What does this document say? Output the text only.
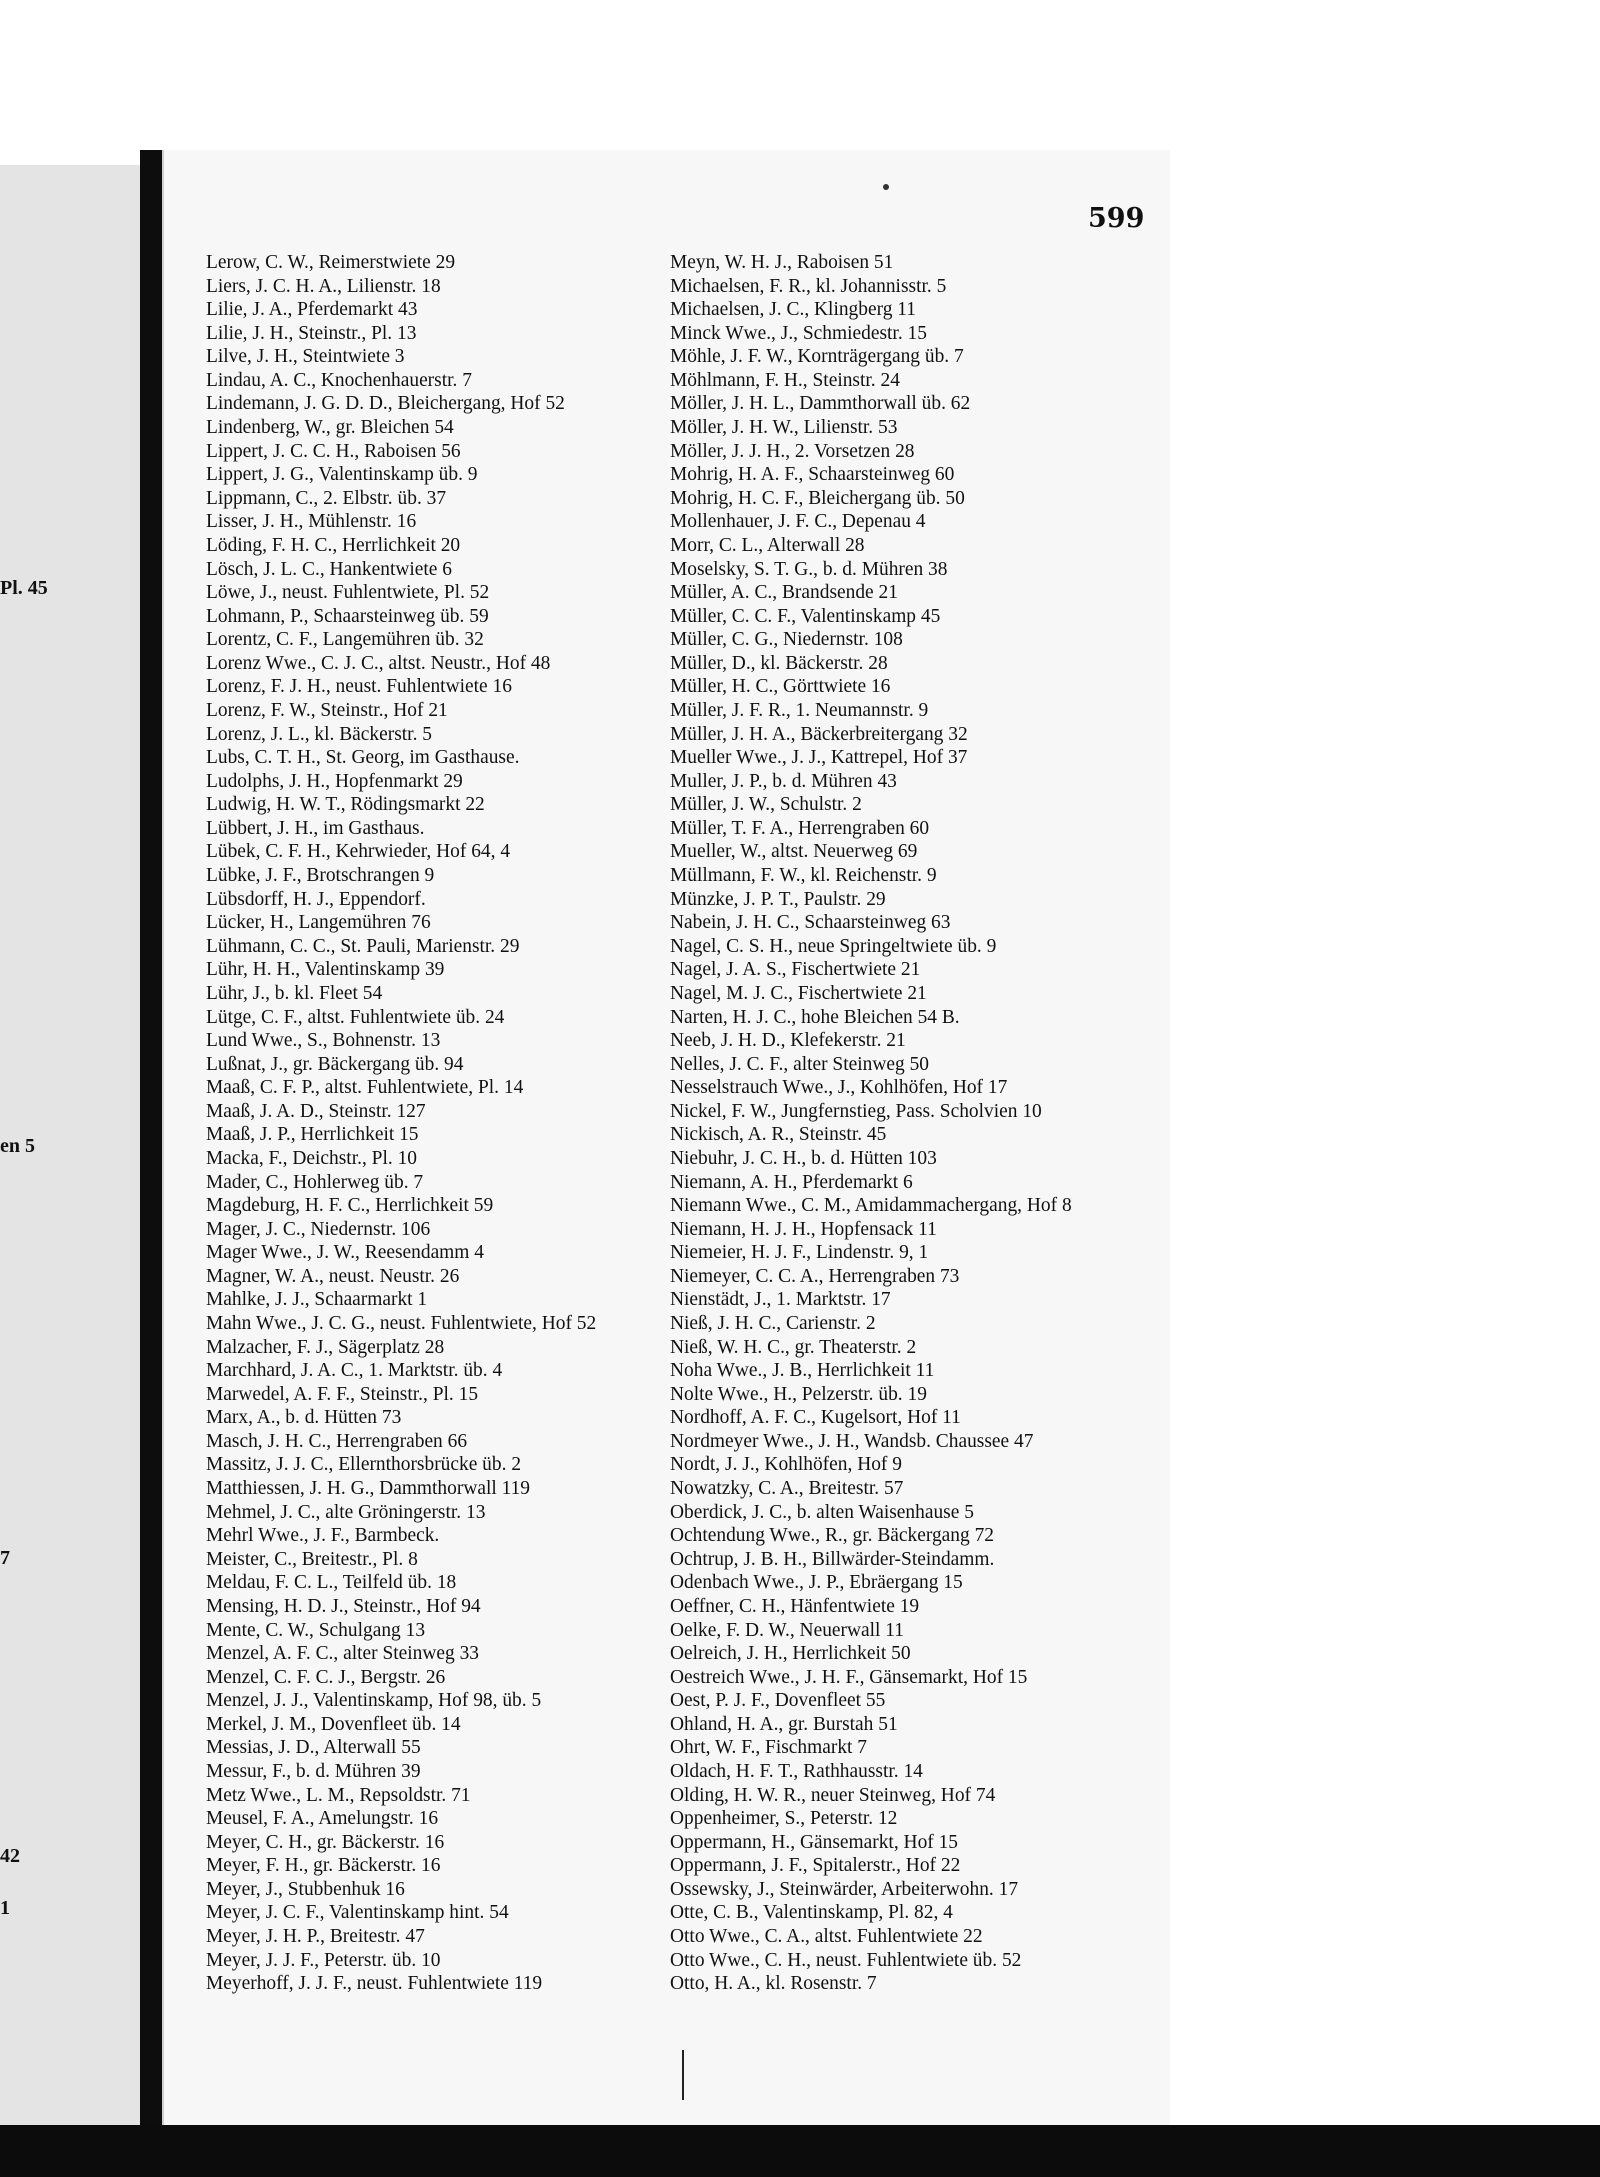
Pl. 45
en 5
7
42
1
599
Lerow, C. W., Reimerstwiete 29
Liers, J. C. H. A., Lilienstr. 18
Lilie, J. A., Pferdemarkt 43
Lilie, J. H., Steinstr., Pl. 13
Lilve, J. H., Steintwiete 3
Lindau, A. C., Knochenhauerstr. 7
Lindemann, J. G. D. D., Bleichergang, Hof 52
Lindenberg, W., gr. Bleichen 54
Lippert, J. C. C. H., Raboisen 56
Lippert, J. G., Valentinskamp üb. 9
Lippmann, C., 2. Elbstr. üb. 37
Lisser, J. H., Mühlenstr. 16
Löding, F. H. C., Herrlichkeit 20
Lösch, J. L. C., Hankentwiete 6
Löwe, J., neust. Fuhlentwiete, Pl. 52
Lohmann, P., Schaarsteinweg üb. 59
Lorentz, C. F., Langemühren üb. 32
Lorenz Wwe., C. J. C., altst. Neustr., Hof 48
Lorenz, F. J. H., neust. Fuhlentwiete 16
Lorenz, F. W., Steinstr., Hof 21
Lorenz, J. L., kl. Bäckerstr. 5
Lubs, C. T. H., St. Georg, im Gasthause.
Ludolphs, J. H., Hopfenmarkt 29
Ludwig, H. W. T., Rödingsmarkt 22
Lübbert, J. H., im Gasthaus.
Lübek, C. F. H., Kehrwieder, Hof 64, 4
Lübke, J. F., Brotschrangen 9
Lübsdorff, H. J., Eppendorf.
Lücker, H., Langemühren 76
Lühmann, C. C., St. Pauli, Marienstr. 29
Lühr, H. H., Valentinskamp 39
Lühr, J., b. kl. Fleet 54
Lütge, C. F., altst. Fuhlentwiete üb. 24
Lund Wwe., S., Bohnenstr. 13
Lußnat, J., gr. Bäckergang üb. 94
Maaß, C. F. P., altst. Fuhlentwiete, Pl. 14
Maaß, J. A. D., Steinstr. 127
Maaß, J. P., Herrlichkeit 15
Macka, F., Deichstr., Pl. 10
Mader, C., Hohlerweg üb. 7
Magdeburg, H. F. C., Herrlichkeit 59
Mager, J. C., Niedernstr. 106
Mager Wwe., J. W., Reesendamm 4
Magner, W. A., neust. Neustr. 26
Mahlke, J. J., Schaarmarkt 1
Mahn Wwe., J. C. G., neust. Fuhlentwiete, Hof 52
Malzacher, F. J., Sägerplatz 28
Marchhard, J. A. C., 1. Marktstr. üb. 4
Marwedel, A. F. F., Steinstr., Pl. 15
Marx, A., b. d. Hütten 73
Masch, J. H. C., Herrengraben 66
Massitz, J. J. C., Ellernthorsbrücke üb. 2
Matthiessen, J. H. G., Dammthorwall 119
Mehmel, J. C., alte Gröningerstr. 13
Mehrl Wwe., J. F., Barmbeck.
Meister, C., Breitestr., Pl. 8
Meldau, F. C. L., Teilfeld üb. 18
Mensing, H. D. J., Steinstr., Hof 94
Mente, C. W., Schulgang 13
Menzel, A. F. C., alter Steinweg 33
Menzel, C. F. C. J., Bergstr. 26
Menzel, J. J., Valentinskamp, Hof 98, üb. 5
Merkel, J. M., Dovenfleet üb. 14
Messias, J. D., Alterwall 55
Messur, F., b. d. Mühren 39
Metz Wwe., L. M., Repsoldstr. 71
Meusel, F. A., Amelungstr. 16
Meyer, C. H., gr. Bäckerstr. 16
Meyer, F. H., gr. Bäckerstr. 16
Meyer, J., Stubbenhuk 16
Meyer, J. C. F., Valentinskamp hint. 54
Meyer, J. H. P., Breitestr. 47
Meyer, J. J. F., Peterstr. üb. 10
Meyerhoff, J. J. F., neust. Fuhlentwiete 119
Meyn, W. H. J., Raboisen 51
Michaelsen, F. R., kl. Johannisstr. 5
Michaelsen, J. C., Klingberg 11
Minck Wwe., J., Schmiedestr. 15
Möhle, J. F. W., Kornträgergang üb. 7
Möhlmann, F. H., Steinstr. 24
Möller, J. H. L., Dammthorwall üb. 62
Möller, J. H. W., Lilienstr. 53
Möller, J. J. H., 2. Vorsetzen 28
Mohrig, H. A. F., Schaarsteinweg 60
Mohrig, H. C. F., Bleichergang üb. 50
Mollenhauer, J. F. C., Depenau 4
Morr, C. L., Alterwall 28
Moselsky, S. T. G., b. d. Mühren 38
Müller, A. C., Brandsende 21
Müller, C. C. F., Valentinskamp 45
Müller, C. G., Niedernstr. 108
Müller, D., kl. Bäckerstr. 28
Müller, H. C., Görttwiete 16
Müller, J. F. R., 1. Neumannstr. 9
Müller, J. H. A., Bäckerbreitergang 32
Mueller Wwe., J. J., Kattrepel, Hof 37
Muller, J. P., b. d. Mühren 43
Müller, J. W., Schulstr. 2
Müller, T. F. A., Herrengraben 60
Mueller, W., altst. Neuerweg 69
Müllmann, F. W., kl. Reichenstr. 9
Münzke, J. P. T., Paulstr. 29
Nabein, J. H. C., Schaarsteinweg 63
Nagel, C. S. H., neue Springeltwiete üb. 9
Nagel, J. A. S., Fischertwiete 21
Nagel, M. J. C., Fischertwiete 21
Narten, H. J. C., hohe Bleichen 54 B.
Neeb, J. H. D., Klefekerstr. 21
Nelles, J. C. F., alter Steinweg 50
Nesselstrauch Wwe., J., Kohlhöfen, Hof 17
Nickel, F. W., Jungfernstieg, Pass. Scholvien 10
Nickisch, A. R., Steinstr. 45
Niebuhr, J. C. H., b. d. Hütten 103
Niemann, A. H., Pferdemarkt 6
Niemann Wwe., C. M., Amidammachergang, Hof 8
Niemann, H. J. H., Hopfensack 11
Niemeier, H. J. F., Lindenstr. 9, 1
Niemeyer, C. C. A., Herrengraben 73
Nienstädt, J., 1. Marktstr. 17
Nieß, J. H. C., Carienstr. 2
Nieß, W. H. C., gr. Theaterstr. 2
Noha Wwe., J. B., Herrlichkeit 11
Nolte Wwe., H., Pelzerstr. üb. 19
Nordhoff, A. F. C., Kugelsort, Hof 11
Nordmeyer Wwe., J. H., Wandsb. Chaussee 47
Nordt, J. J., Kohlhöfen, Hof 9
Nowatzky, C. A., Breitestr. 57
Oberdick, J. C., b. alten Waisenhause 5
Ochtendung Wwe., R., gr. Bäckergang 72
Ochtrup, J. B. H., Billwärder-Steindamm.
Odenbach Wwe., J. P., Ebräergang 15
Oeffner, C. H., Hänfentwiete 19
Oelke, F. D. W., Neuerwall 11
Oelreich, J. H., Herrlichkeit 50
Oestreich Wwe., J. H. F., Gänsemarkt, Hof 15
Oest, P. J. F., Dovenfleet 55
Ohland, H. A., gr. Burstah 51
Ohrt, W. F., Fischmarkt 7
Oldach, H. F. T., Rathhausstr. 14
Olding, H. W. R., neuer Steinweg, Hof 74
Oppenheimer, S., Peterstr. 12
Oppermann, H., Gänsemarkt, Hof 15
Oppermann, J. F., Spitalerstr., Hof 22
Ossewsky, J., Steinwärder, Arbeiterwohn. 17
Otte, C. B., Valentinskamp, Pl. 82, 4
Otto Wwe., C. A., altst. Fuhlentwiete 22
Otto Wwe., C. H., neust. Fuhlentwiete üb. 52
Otto, H. A., kl. Rosenstr. 7
